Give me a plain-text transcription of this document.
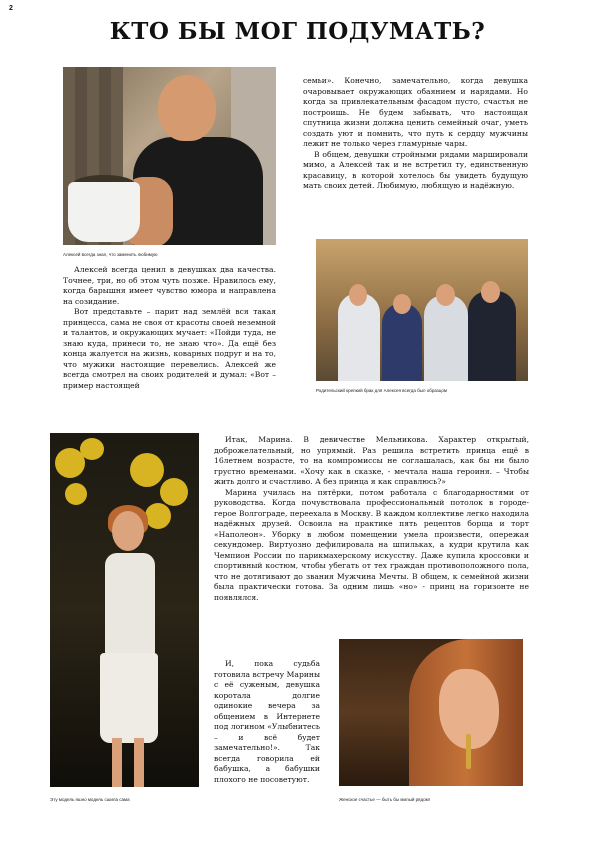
2
КТО БЫ МОГ ПОДУМАТЬ?
Алексей всегда знал, что заменить любимую

Алексей всегда ценил в девушках два качества. Точнее, три, но об этом чуть позже. Нравилось ему, когда барышня имеет чувство юмора и направлена на созидание.

Вот представьте – парит над землёй вся такая принцесса, сама не своя от красоты своей неземной и талантов, и окружающих мучает: «Пойди туда, не знаю куда, принеси то, не знаю что». Да ещё без конца жалуется на жизнь, коварных подруг и на то, что мужики настоящие перевелись. Алексей же всегда смотрел на своих родителей и думал: «Вот – пример настоящей

семьи». Конечно, замечательно, когда девушка очаровывает окружающих обаянием и нарядами. Но когда за привлекательным фасадом пусто, счастья не построишь. Не будем забывать, что настоящая спутница жизни должна ценить семейный очаг, уметь создать уют и помнить, что путь к сердцу мужчины лежит не только через гламурные чары.

В общем, девушки стройными рядами маршировали мимо, а Алексей так и не встретил ту, единственную красавицу, в которой хотелось бы увидеть будущую мать своих детей. Любимую, любящую и надёжную.

Родительский крепкий брак для Алексея всегда был образцом
Эту модель яшно модель сшила сама

Итак, Марина. В девичестве Мельникова. Характер открытый, доброжелательный, но упрямый. Раз решила встретить принца ещё в 16летнем возрасте, то на компромиссы не соглашалась, как бы ни было грустно временами. «Хочу как в сказке, - мечтала наша героиня. – Чтобы жить долго и счастливо. А без принца я как справлюсь?»

Марина училась на пятёрки, потом работала с благодарностями от руководства. Когда почувствовала профессиональный потолок в городе-герое Волгограде, переехала в Москву. В каждом коллективе легко находила надёжных друзей. Освоила на практике пять рецептов борща и торт «Наполеон». Уборку в любом помещении умела произвести, опережая секундомер. Виртуозно дефилировала на шпильках, а кудри крутила как Чемпион России по парикмахерскому искусству. Даже купила кроссовки и спортивный костюм, чтобы убегать от тех граждан противоположного пола, что не дотягивают до звания Мужчина Мечты. В общем, к семейной жизни была практически готова. За одним лишь «но» - принц на горизонте не появлялся.

И, пока судьба готовила встречу Марины с её суженым, девушка коротала долгие одинокие вечера за общением в Интернете под логином «Улыбнитесь – и всё будет замечательно!». Так всегда говорила ей бабушка, а бабушки плохого не посоветуют.

Женское счастье — быть бы милый рядом!
